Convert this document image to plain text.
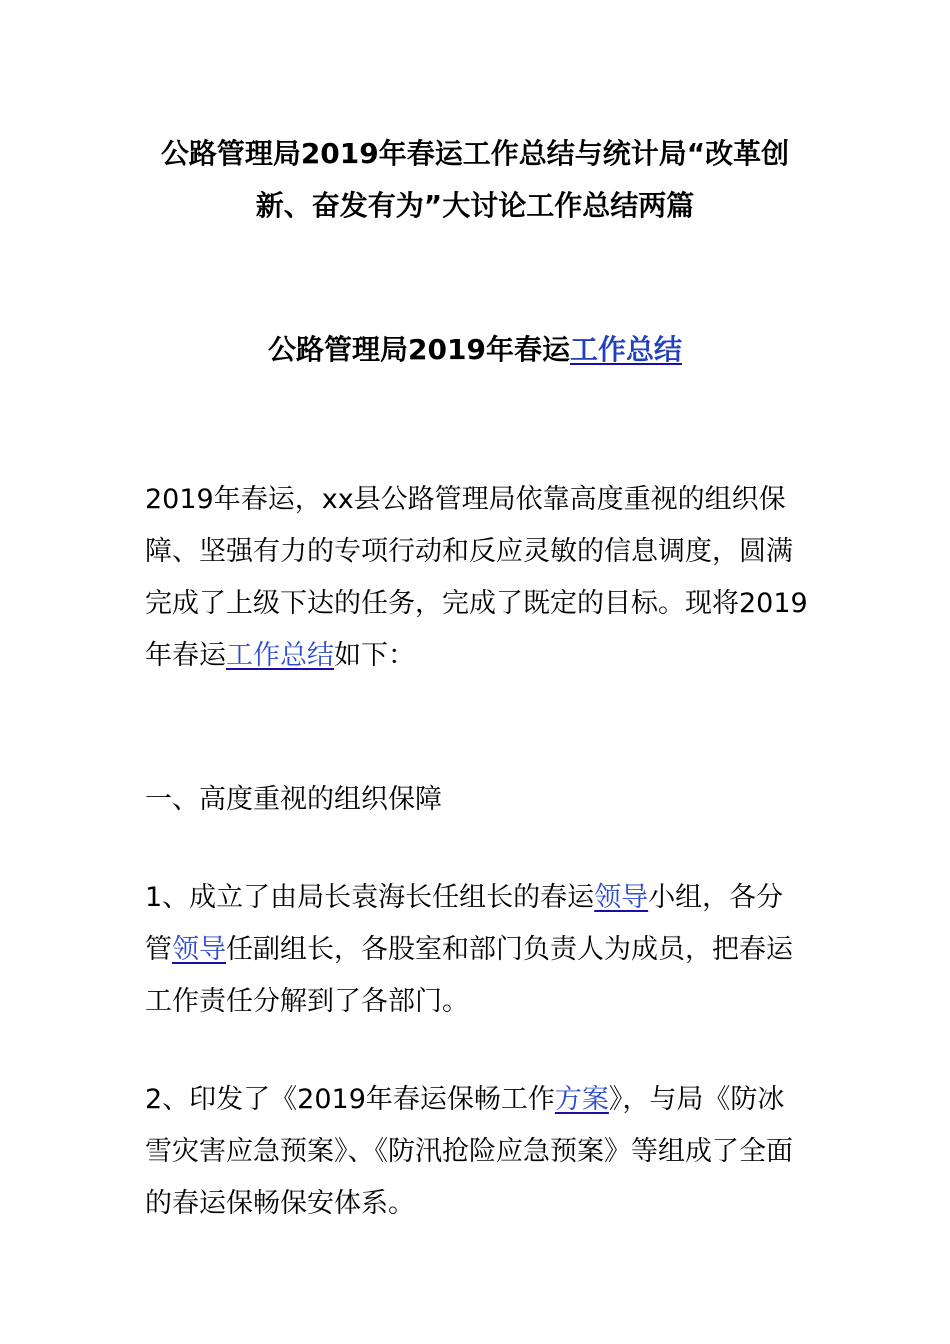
公路管理局2019年春运工作总结与统计局“改革创
新、奋发有为”大讨论工作总结两篇
公路管理局2019年春运工作总结
2019年春运，xx县公路管理局依靠高度重视的组织保障、坚强有力的专项行动和反应灵敏的信息调度，圆满完成了上级下达的任务，完成了既定的目标。现将2019年春运工作总结如下：
一、高度重视的组织保障
1、成立了由局长袁海长任组长的春运领导小组，各分管领导任副组长，各股室和部门负责人为成员，把春运工作责任分解到了各部门。
2、印发了《2019年春运保畅工作方案》，与局《防冰雪灾害应急预案》、《防汛抢险应急预案》等组成了全面的春运保畅保安体系。
